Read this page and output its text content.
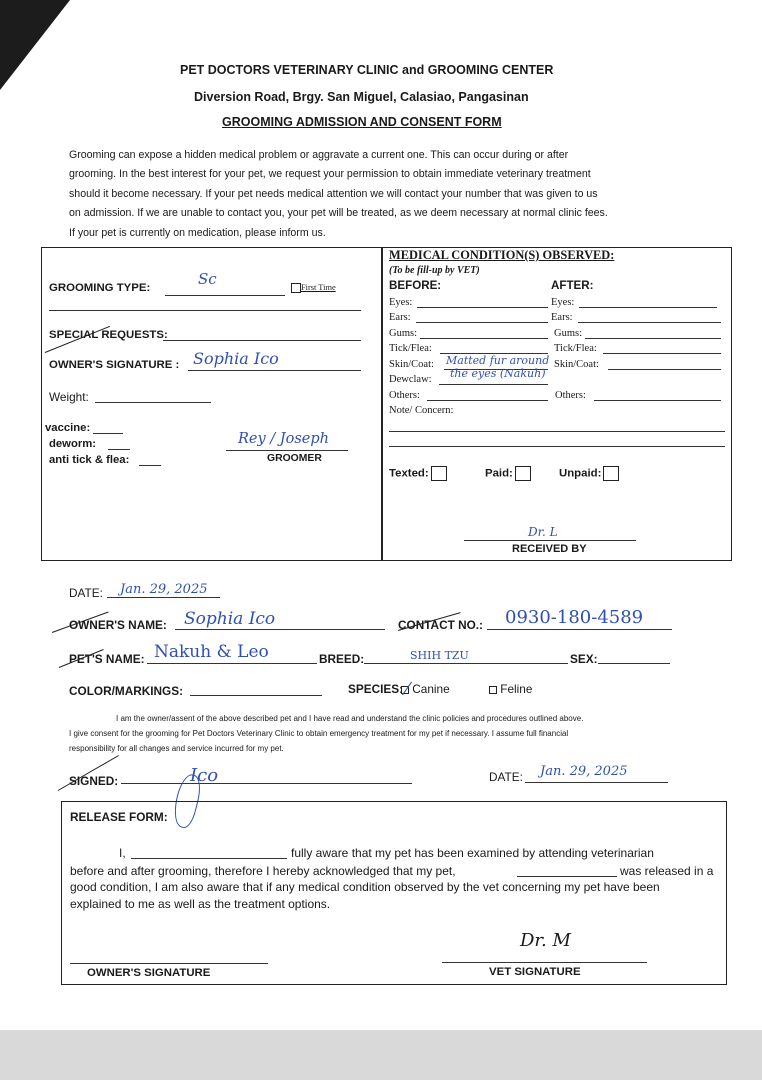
PET DOCTORS VETERINARY CLINIC and GROOMING CENTER
Diversion Road, Brgy. San Miguel, Calasiao, Pangasinan
GROOMING ADMISSION AND CONSENT FORM
Grooming can expose a hidden medical problem or aggravate a current one. This can occur during or after
grooming. In the best interest for your pet, we request your permission to obtain immediate veterinary treatment
should it become necessary. If your pet needs medical attention we will contact your number that was given to us
on admission. If we are unable to contact you, your pet will be treated, as we deem necessary at normal clinic fees.
If your pet is currently on medication, please inform us.
GROOMING TYPE:	Sc	First Time
SPECIAL REQUESTS:
OWNER'S SIGNATURE : Sophia Ico
Weight:
vaccine:
deworm:
anti tick & flea:
Rey / Joseph
GROOMER
MEDICAL CONDITION(S) OBSERVED:
(To be fill-up by VET)
BEFORE:	AFTER:
Eyes:	Eyes:
Ears:	Ears:
Gums:	Gums:
Tick/Flea:	Tick/Flea:
Skin/Coat:	Skin/Coat:
Matted fur around
the eyes (Nakuh)
Dewclaw:
Others:	Others:
Note/ Concern:
Texted:	Paid:	Unpaid:
Dr. L
RECEIVED BY
DATE: Jan. 29, 2025
OWNER'S NAME: Sophia Ico	CONTACT NO.: 0930-180-4589
PET'S NAME: Nakuh & Leo	BREED:	SHIH TZU	SEX:
COLOR/MARKINGS:	SPECIES: Canine	Feline
I am the owner/assent of the above described pet and I have read and understand the clinic policies and procedures outlined above.
I give consent for the grooming for Pet Doctors Veterinary Clinic to obtain emergency treatment for my pet if necessary. I assume full financial
responsibility for all changes and service incurred for my pet.
SIGNED:	Ico	DATE: Jan. 29, 2025
RELEASE FORM:
I,	fully aware that my pet has been examined by attending veterinarian
before and after grooming, therefore I hereby acknowledged that my pet,	was released in a
good condition, I am also aware that if any medical condition observed by the vet concerning my pet have been
explained to me as well as the treatment options.
OWNER'S SIGNATURE
Dr. M
VET SIGNATURE
